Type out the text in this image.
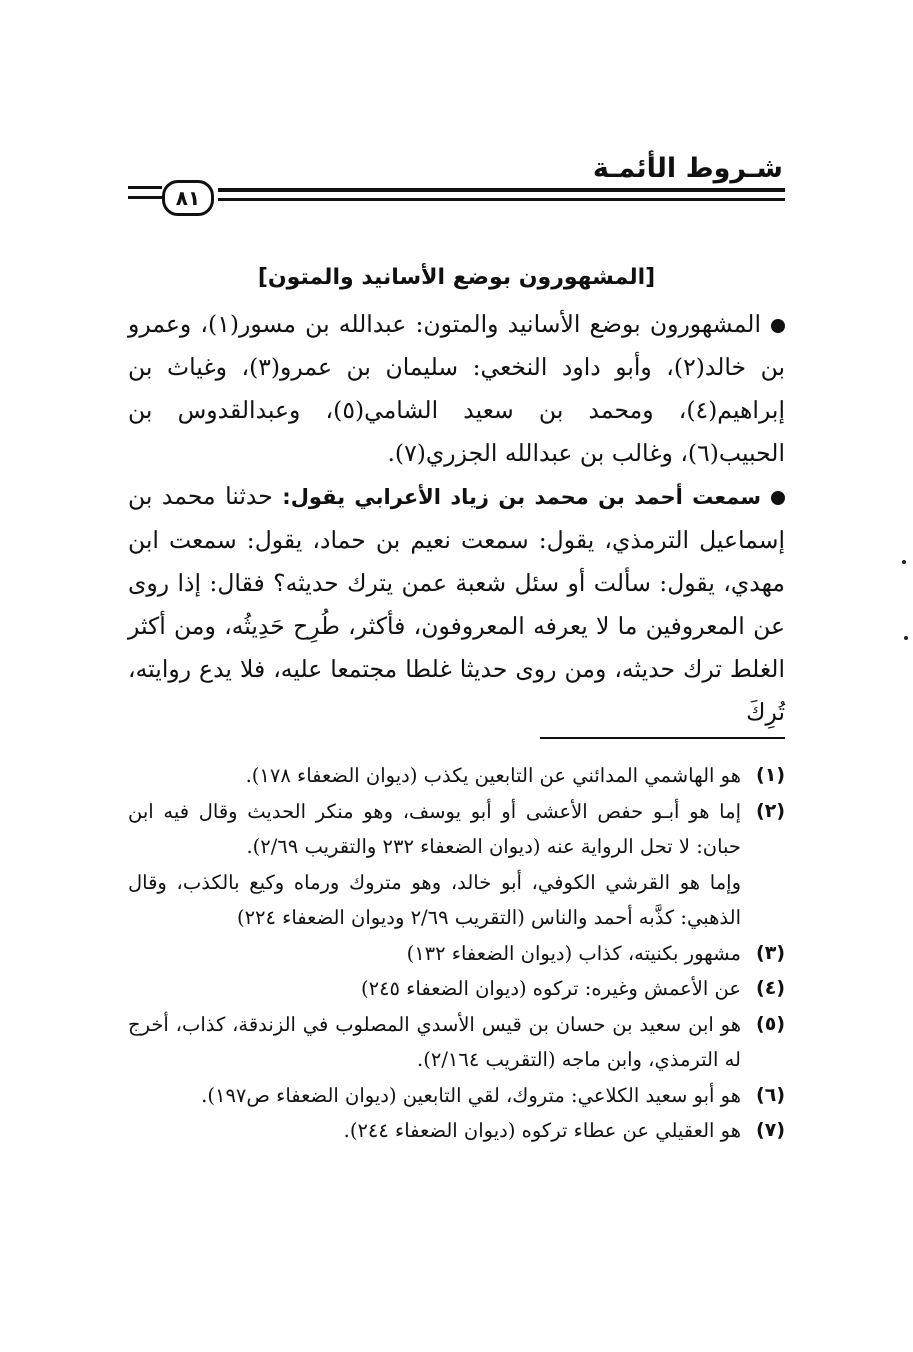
شـروط الأئمـة
٨١
[المشهورون بوضع الأسانيد والمتون]
المشهورون بوضع الأسانيد والمتون: عبدالله بن مسور(١)، وعمرو بن خالد(٢)، وأبو داود النخعي: سليمان بن عمرو(٣)، وغياث بن إبراهيم(٤)، ومحمد بن سعيد الشامي(٥)، وعبدالقدوس بن الحبيب(٦)، وغالب بن عبدالله الجزري(٧).
سمعت أحمد بن محمد بن زياد الأعرابي يقول: حدثنا محمد بن إسماعيل الترمذي، يقول: سمعت نعيم بن حماد، يقول: سمعت ابن مهدي، يقول: سألت أو سئل شعبة عمن يترك حديثه؟ فقال: إذا روى عن المعروفين ما لا يعرفه المعروفون، فأكثر، طُرِح حَدِيثُه، ومن أكثر الغلط ترك حديثه، ومن روى حديثا غلطا مجتمعا عليه، فلا يدع روايته، تُرِكَ
(١)
هو الهاشمي المدائني عن التابعين يكذب (ديوان الضعفاء ١٧٨).
(٢)
إما هو أبـو حفص الأعشى أو أبو يوسف، وهو منكر الحديث وقال فيه ابن حبان: لا تحل الرواية عنه (ديوان الضعفاء ٢٣٢ والتقريب ٢/٦٩).
وإما هو القرشي الكوفي، أبو خالد، وهو متروك ورماه وكيع بالكذب، وقال الذهبي: كذَّبه أحمد والناس (التقريب ٢/٦٩ وديوان الضعفاء ٢٢٤)
(٣)
مشهور بكنيته، كذاب (ديوان الضعفاء ١٣٢)
(٤)
عن الأعمش وغيره: تركوه (ديوان الضعفاء ٢٤٥)
(٥)
هو ابن سعيد بن حسان بن قيس الأسدي المصلوب في الزندقة، كذاب، أخرج له الترمذي، وابن ماجه (التقريب ٢/١٦٤).
(٦)
هو أبو سعيد الكلاعي: متروك، لقي التابعين (ديوان الضعفاء ص١٩٧).
(٧)
هو العقيلي عن عطاء تركوه (ديوان الضعفاء ٢٤٤).
